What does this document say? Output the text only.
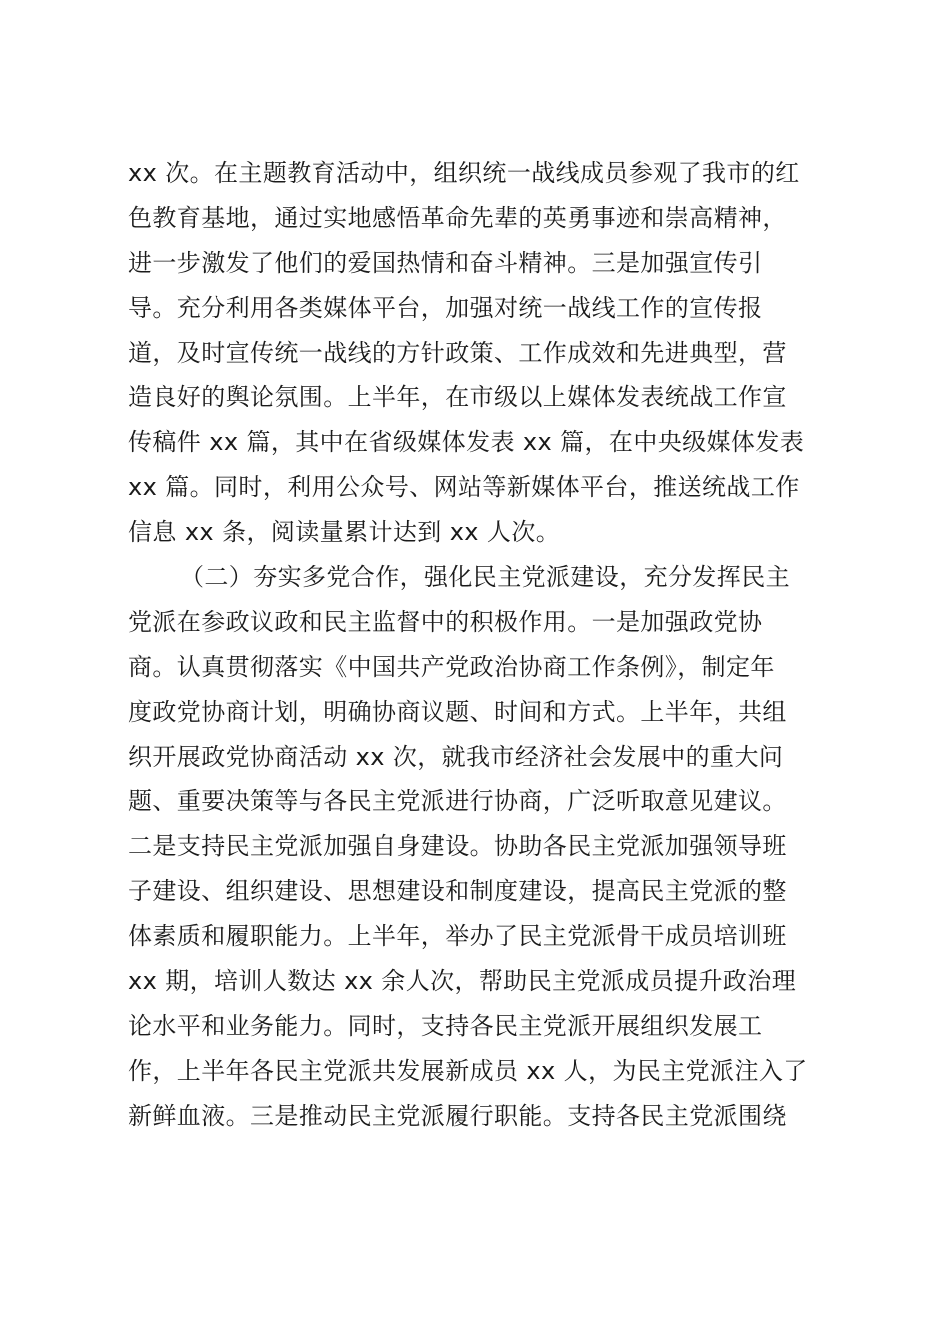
xx 次。在主题教育活动中，组织统一战线成员参观了我市的红
色教育基地，通过实地感悟革命先辈的英勇事迹和崇高精神，
进一步激发了他们的爱国热情和奋斗精神。三是加强宣传引
导。充分利用各类媒体平台，加强对统一战线工作的宣传报
道，及时宣传统一战线的方针政策、工作成效和先进典型，营
造良好的舆论氛围。上半年，在市级以上媒体发表统战工作宣
传稿件 xx 篇，其中在省级媒体发表 xx 篇，在中央级媒体发表
xx 篇。同时，利用公众号、网站等新媒体平台，推送统战工作
信息 xx 条，阅读量累计达到 xx 人次。
（二）夯实多党合作，强化民主党派建设，充分发挥民主
党派在参政议政和民主监督中的积极作用。一是加强政党协
商。认真贯彻落实《中国共产党政治协商工作条例》，制定年
度政党协商计划，明确协商议题、时间和方式。上半年，共组
织开展政党协商活动 xx 次，就我市经济社会发展中的重大问
题、重要决策等与各民主党派进行协商，广泛听取意见建议。
二是支持民主党派加强自身建设。协助各民主党派加强领导班
子建设、组织建设、思想建设和制度建设，提高民主党派的整
体素质和履职能力。上半年，举办了民主党派骨干成员培训班
xx 期，培训人数达 xx 余人次，帮助民主党派成员提升政治理
论水平和业务能力。同时，支持各民主党派开展组织发展工
作，上半年各民主党派共发展新成员 xx 人，为民主党派注入了
新鲜血液。三是推动民主党派履行职能。支持各民主党派围绕
